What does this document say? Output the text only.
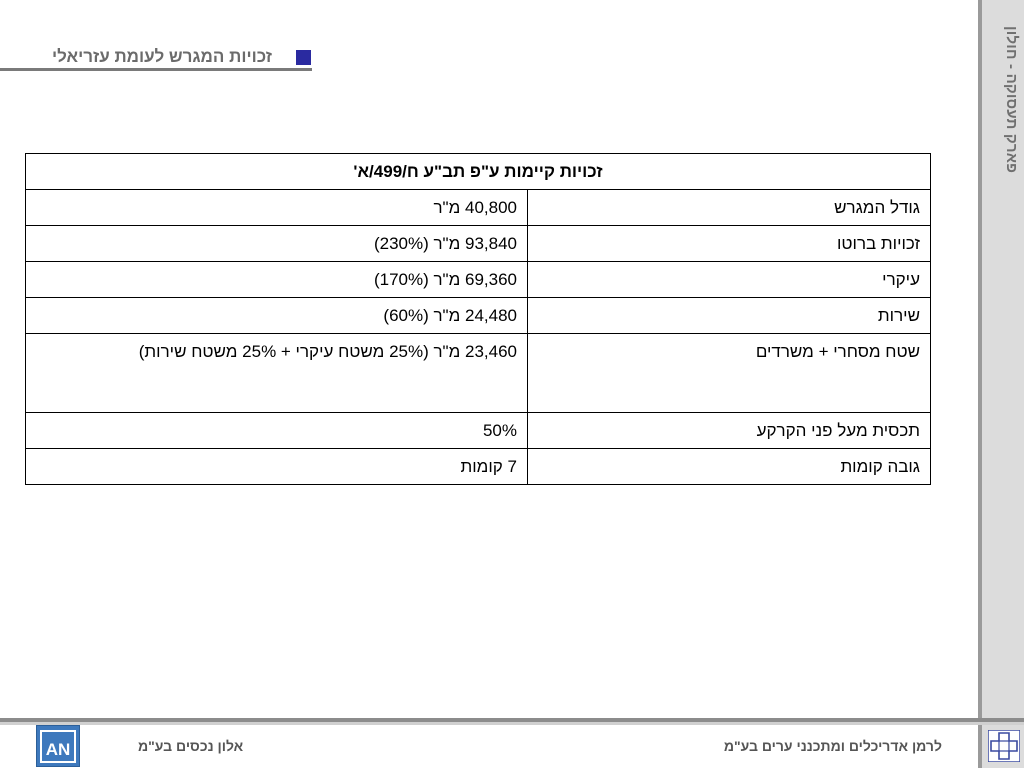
פארק תעסוקה - חולון
זכויות המגרש לעומת עזריאלי
זכויות קיימות ע"פ תב"ע ח/499/א'	
גודל המגרש	40,800 מ"ר
זכויות ברוטו	93,840 מ"ר (230%)
עיקרי	69,360 מ"ר (170%)
שירות	24,480 מ"ר (60%)
שטח מסחרי + משרדים	23,460 מ"ר (25% משטח עיקרי + 25% משטח שירות)
תכסית מעל פני הקרקע	50%
גובה קומות	7 קומות
AN	אלון נכסים בע"מ	לרמן אדריכלים ומתכנני ערים בע"מ
